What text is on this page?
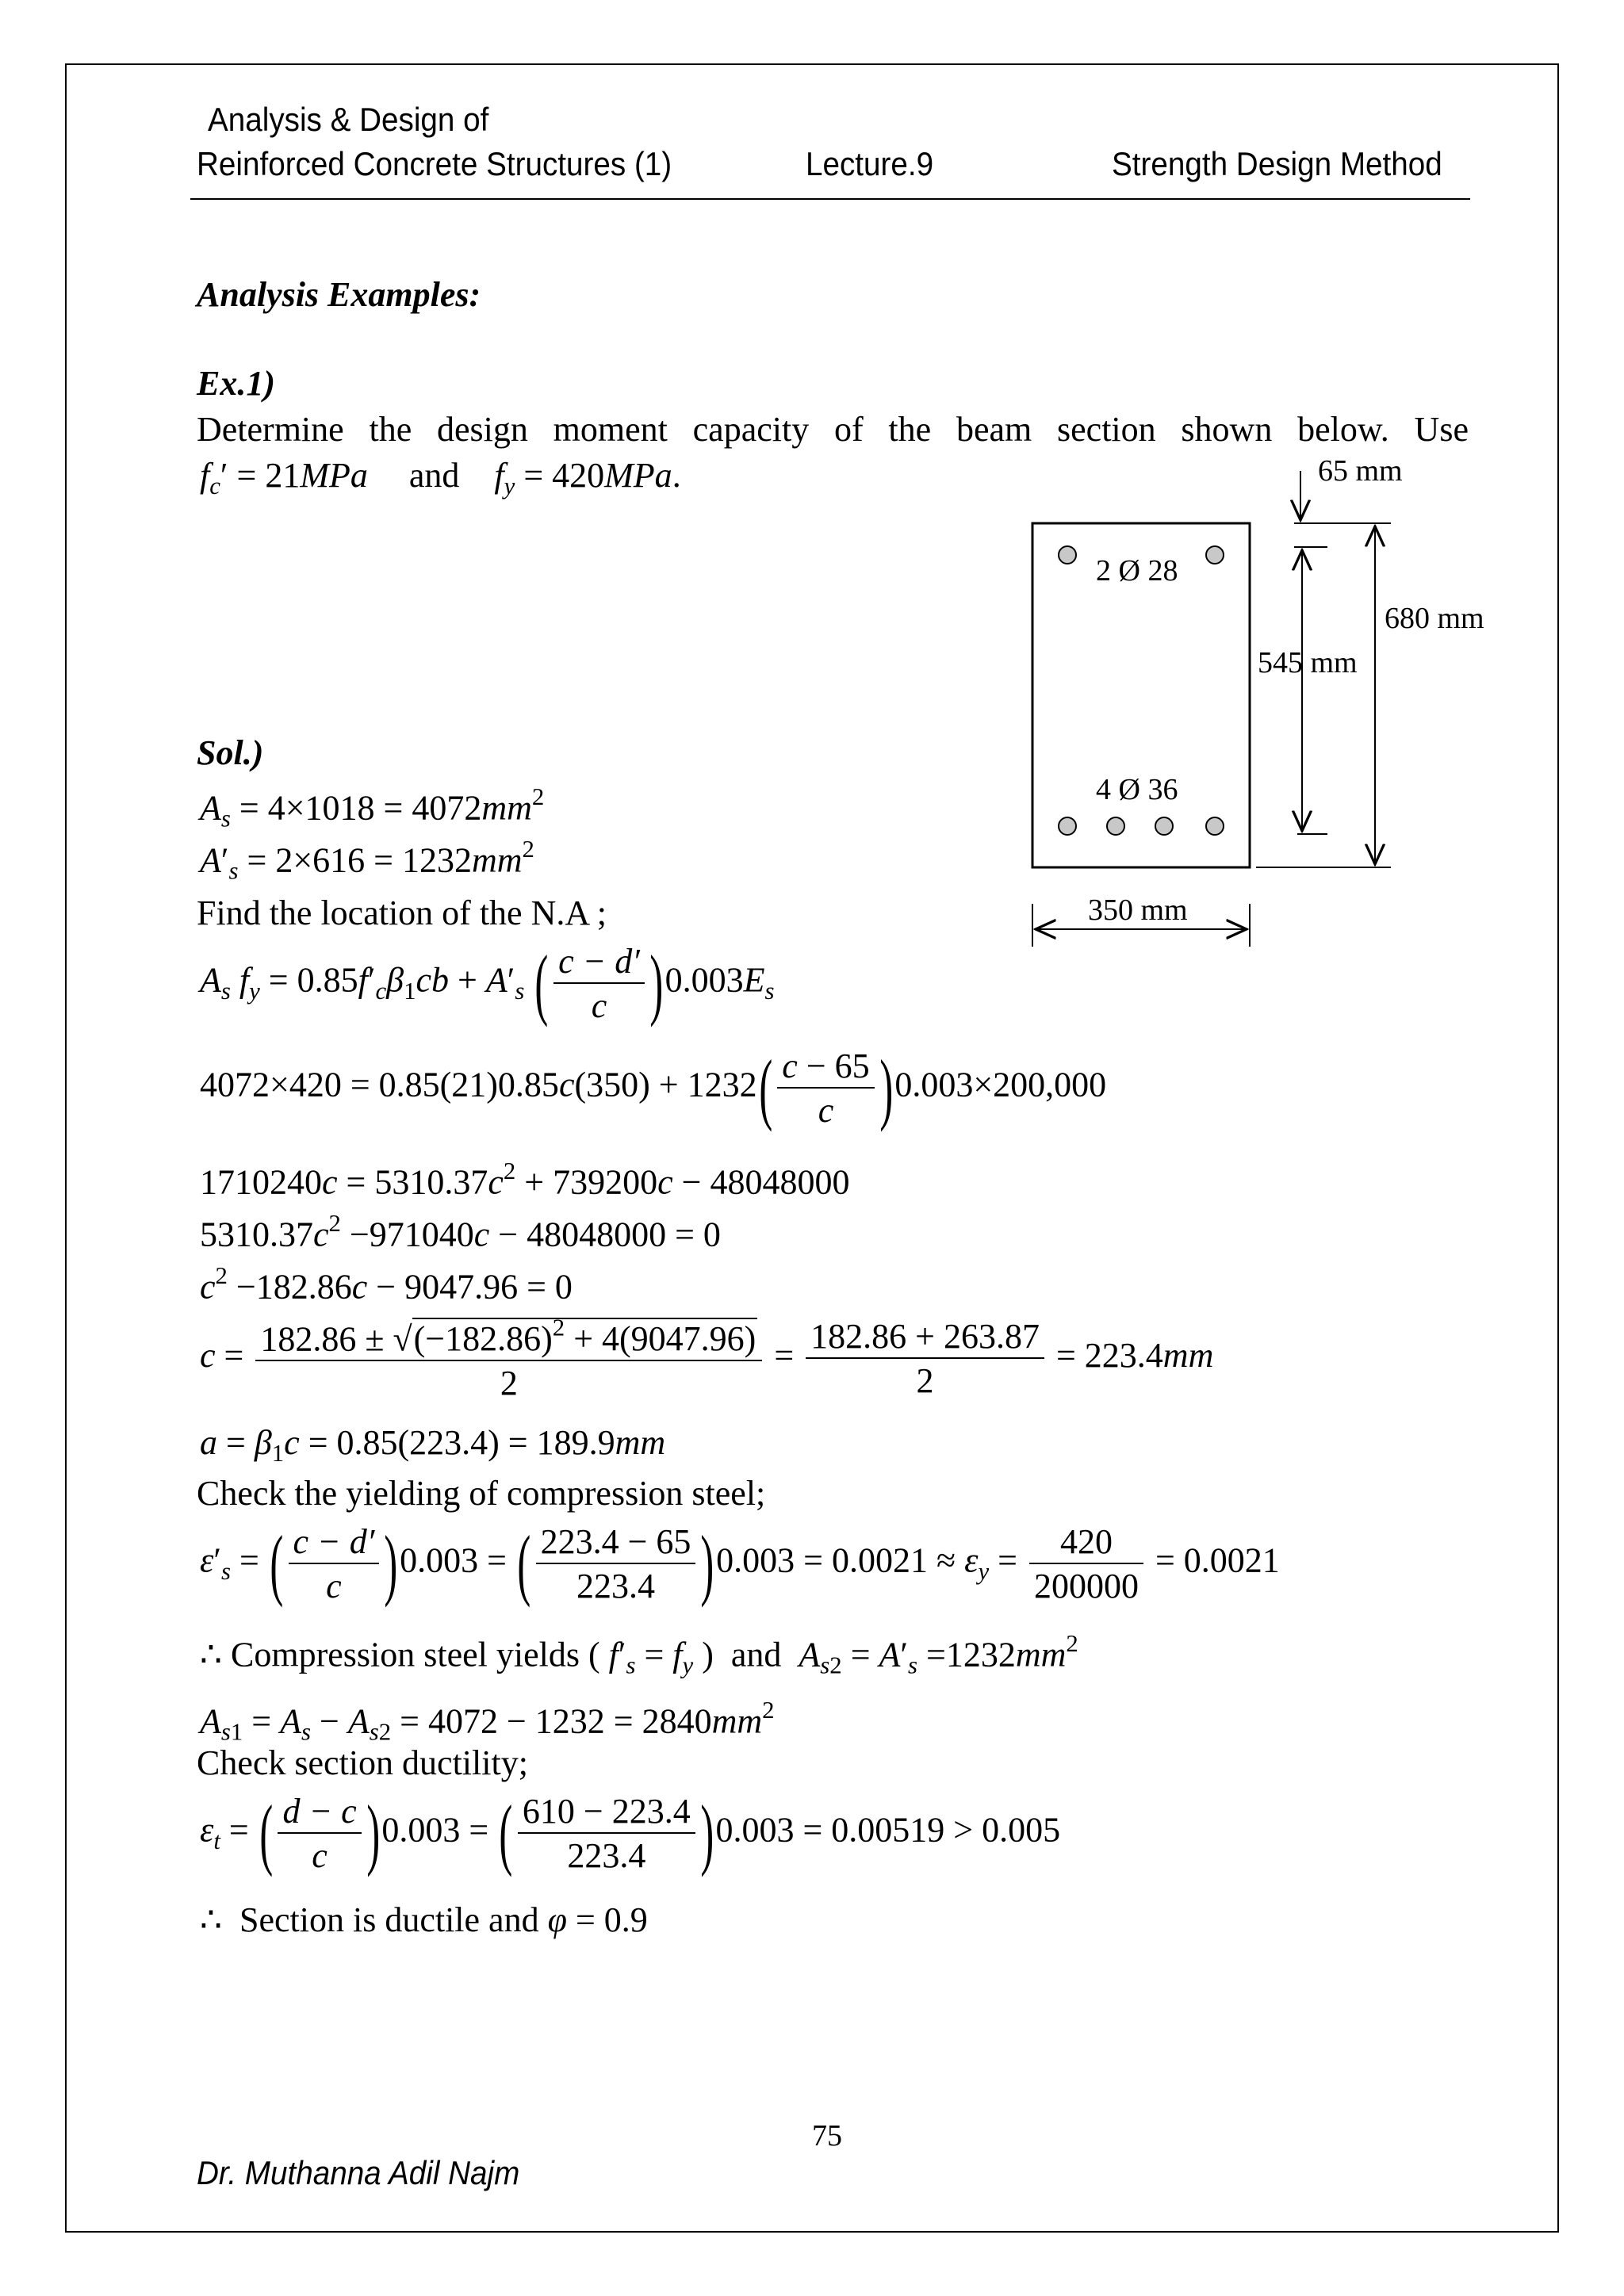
Analysis & Design of
Reinforced Concrete Structures (1)	Lecture.9	Strength Design Method
Analysis Examples:
Ex.1)
Determine the design moment capacity of the beam section shown below. Use
$f_c' = 21MPa$ and $f_y = 420MPa$.
2 Ø 28
4 Ø 36
65 mm
545 mm
680 mm
350 mm
Sol.)
$A_s = 4\times 1018 = 4072mm^2$
$A'_s = 2\times 616 = 1232mm^2$
Find the location of the N.A ;
$A_s$ $f_y = 0.85f'_c\beta_1cb + A'_s$ ( $\frac{c - d'}{c} )0.003E_s$
$4072\times 420 = 0.85(21)0.85c(350) + 1232( \frac{c - 65}{c} )0.003\times 200,000$
$1710240c = 5310.37c^2 + 739200c - 48048000$
$5310.37c^2 -971040c - 48048000 = 0$
$c^2 -182.86c - 9047.96 = 0$
$c = \frac{182.86 \pm √(-182.86)^2 + 4(9047.96)}{2} = \frac{182.86 + 263.87}{2} = 223.4mm$
$a = \beta_1c = 0.85(223.4) = 189.9mm$
Check the yielding of compression steel;
$\varepsilon'_s$ = ( $\frac{c - d'}{c} )0.003$ = ( $\frac{223.4 - 65}{223.4} )0.003 = 0.0021 \approx \varepsilon_y = \frac{420}{200000} = 0.0021$
∴ Compression steel yields ( $f'_s = f_y$ )  and  $A_{s2} = A'_s =1232mm^2$
$A_{s1} = A_s - A_{s2} = 4072 - 1232 = 2840mm^2$
Check section ductility;
$\varepsilon_t$ = ( $\frac{d - c}{c} )0.003$ = ( $\frac{610 - 223.4}{223.4} )0.003 = 0.00519 > 0.005$
∴  Section is ductile and φ = 0.9
75
Dr. Muthanna Adil Najm
